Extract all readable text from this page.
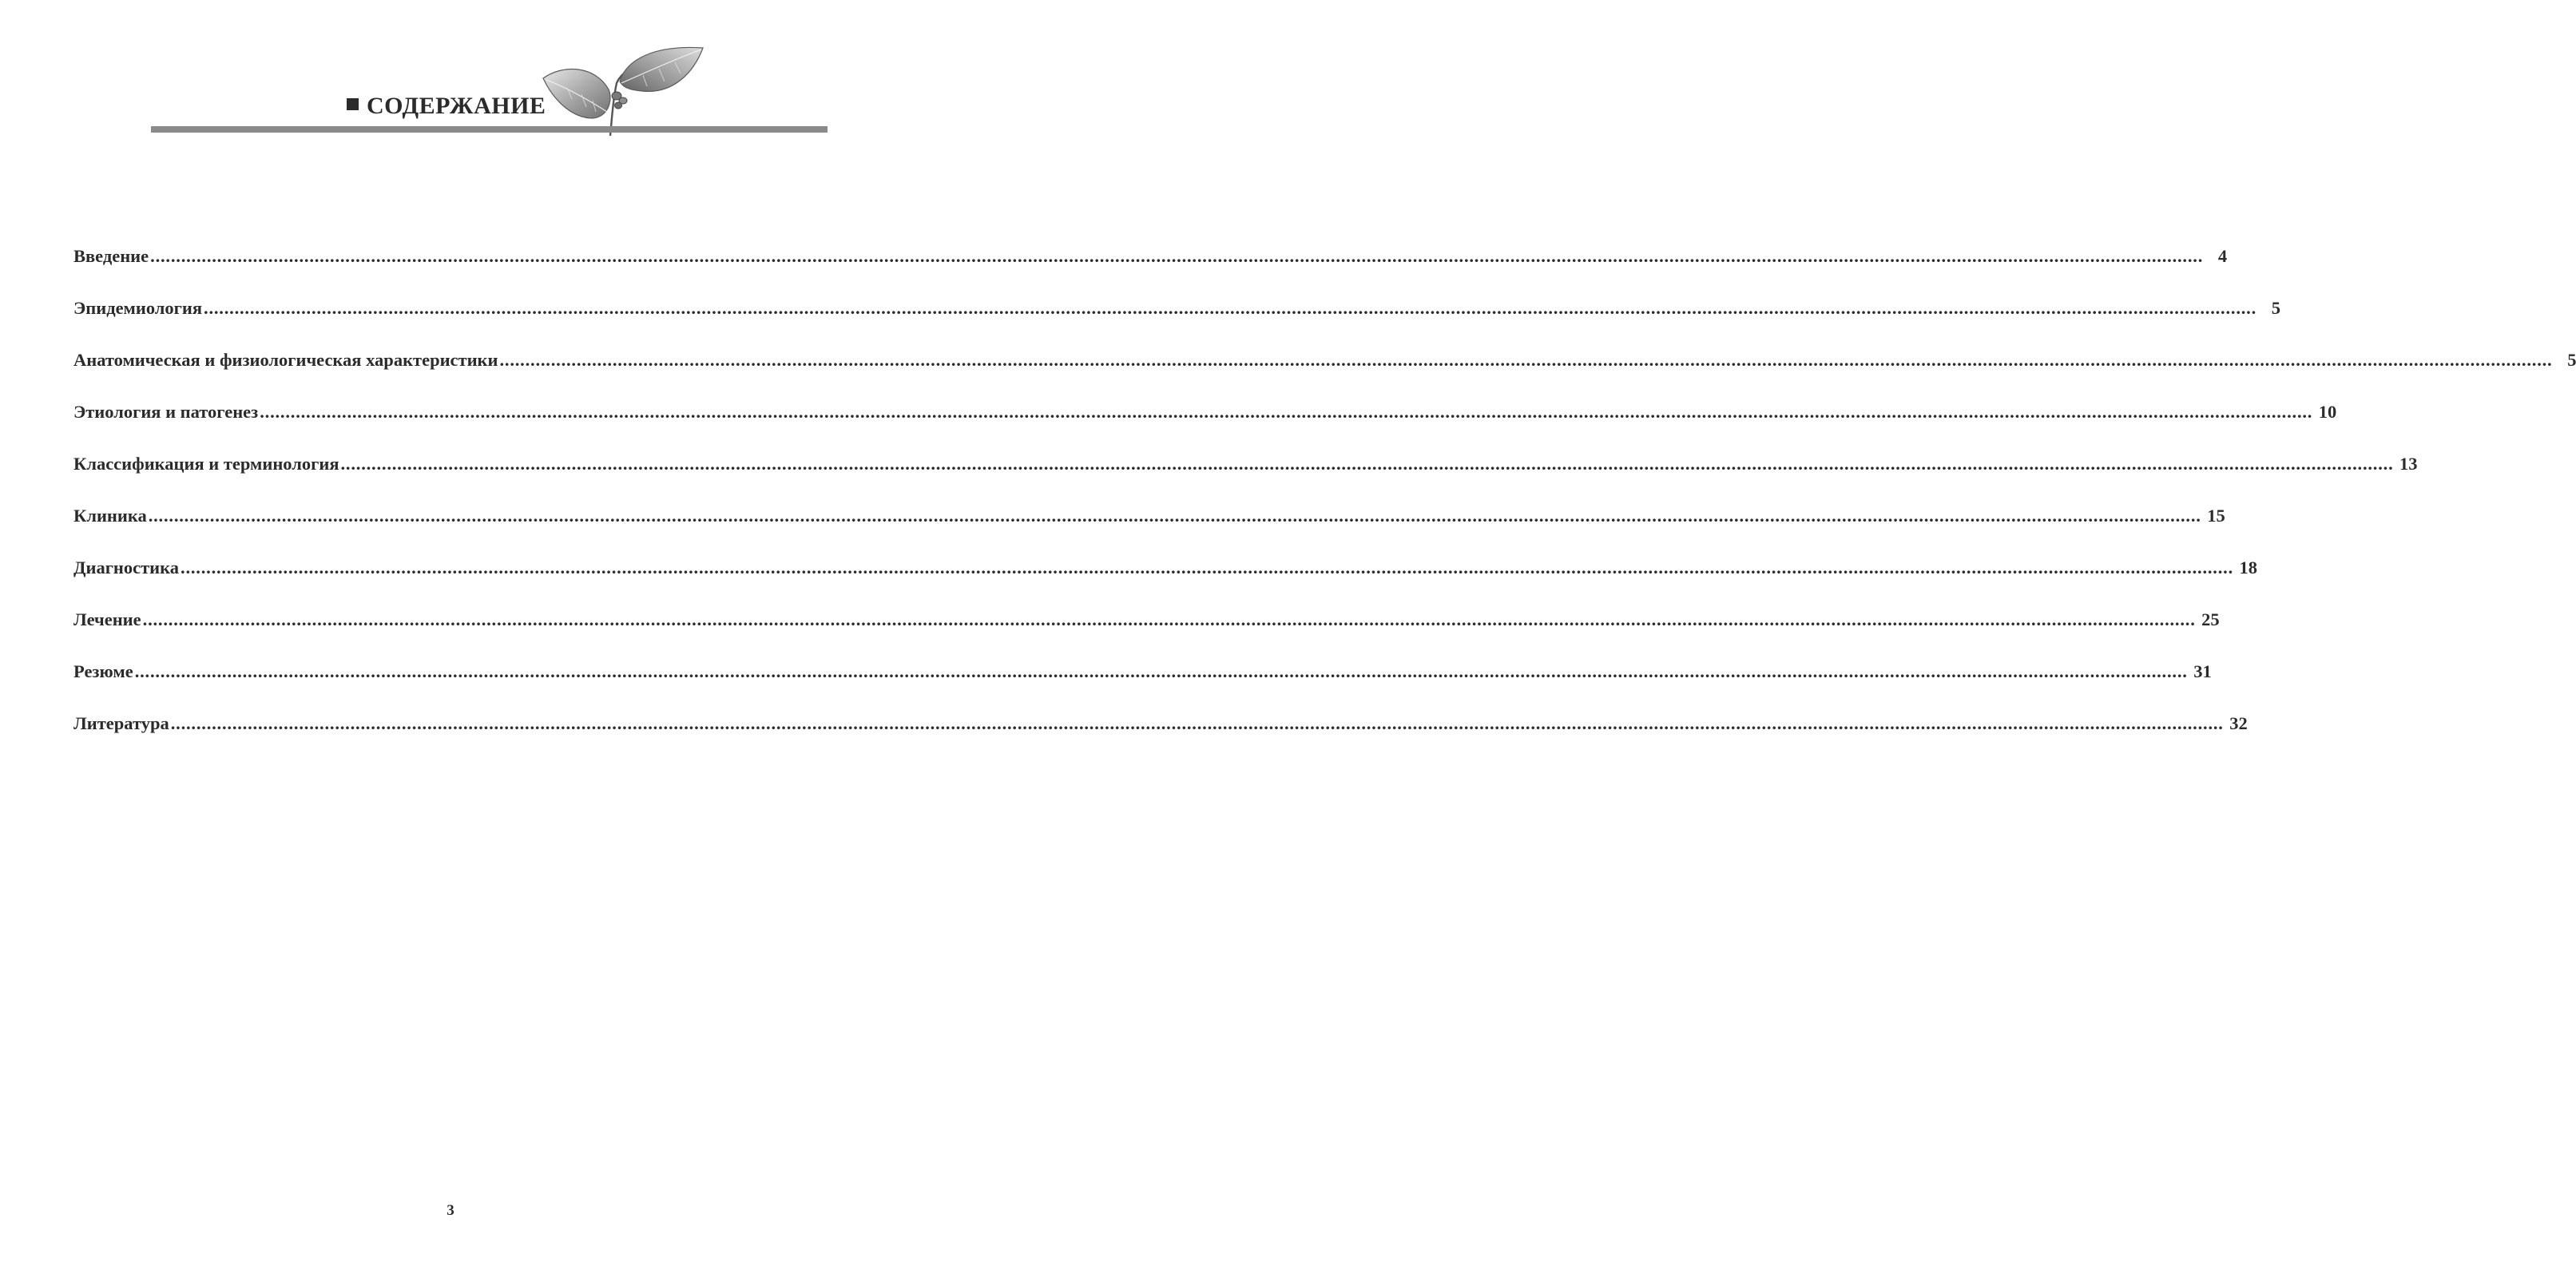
СОДЕРЖАНИЕ
Введение ................................................................................................................................................................................................................................................................................................................................................................................................................ 4
Эпидемиология ................................................................................................................................................................................................................................................................................................................................................................................................................ 5
Анатомическая и физиологическая характеристики ................................................................................................................................................................................................................................................................................................................................................................................................................ 5
Этиология и патогенез ................................................................................................................................................................................................................................................................................................................................................................................................................ 10
Классификация и терминология ................................................................................................................................................................................................................................................................................................................................................................................................................ 13
Клиника ................................................................................................................................................................................................................................................................................................................................................................................................................ 15
Диагностика ................................................................................................................................................................................................................................................................................................................................................................................................................ 18
Лечение ................................................................................................................................................................................................................................................................................................................................................................................................................ 25
Резюме ................................................................................................................................................................................................................................................................................................................................................................................................................ 31
Литература ................................................................................................................................................................................................................................................................................................................................................................................................................ 32
3
